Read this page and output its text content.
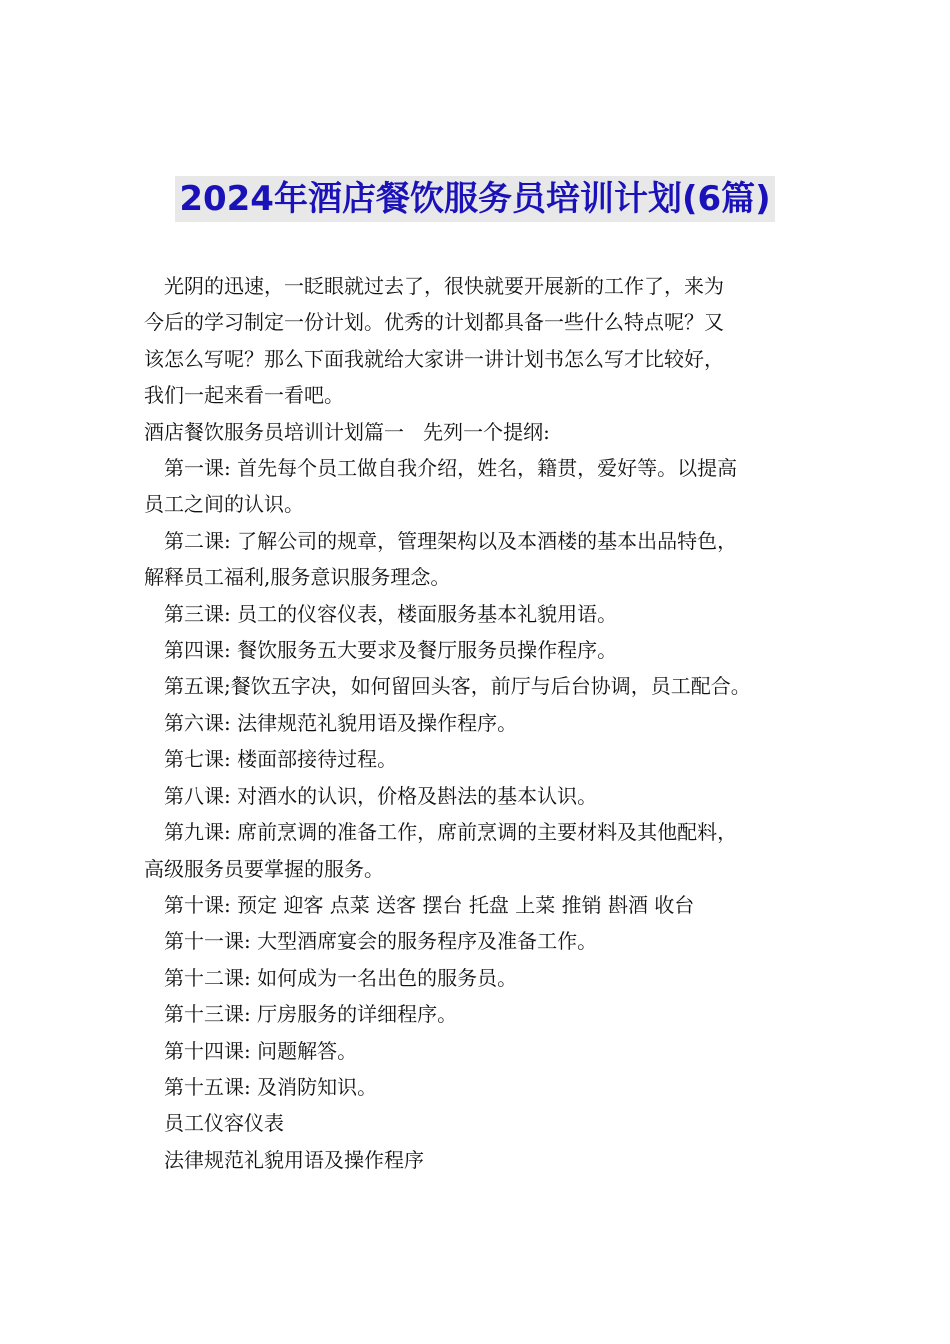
2024年酒店餐饮服务员培训计划(6篇)

光阴的迅速，一眨眼就过去了，很快就要开展新的工作了，来为

今后的学习制定一份计划。优秀的计划都具备一些什么特点呢？又

该怎么写呢？那么下面我就给大家讲一讲计划书怎么写才比较好，

我们一起来看一看吧。

酒店餐饮服务员培训计划篇一   先列一个提纲:

第一课: 首先每个员工做自我介绍，姓名，籍贯，爱好等。以提高

员工之间的认识。

第二课: 了解公司的规章，管理架构以及本酒楼的基本出品特色，

解释员工福利,服务意识服务理念。

第三课: 员工的仪容仪表，楼面服务基本礼貌用语。

第四课: 餐饮服务五大要求及餐厅服务员操作程序。

第五课;餐饮五字决，如何留回头客，前厅与后台协调，员工配合。

第六课: 法律规范礼貌用语及操作程序。

第七课: 楼面部接待过程。

第八课: 对酒水的认识，价格及斟法的基本认识。

第九课: 席前烹调的准备工作，席前烹调的主要材料及其他配料，

高级服务员要掌握的服务。

第十课: 预定 迎客 点菜 送客 摆台 托盘 上菜 推销 斟酒 收台

第十一课: 大型酒席宴会的服务程序及准备工作。

第十二课: 如何成为一名出色的服务员。

第十三课: 厅房服务的详细程序。

第十四课: 问题解答。

第十五课: 及消防知识。

员工仪容仪表

法律规范礼貌用语及操作程序
